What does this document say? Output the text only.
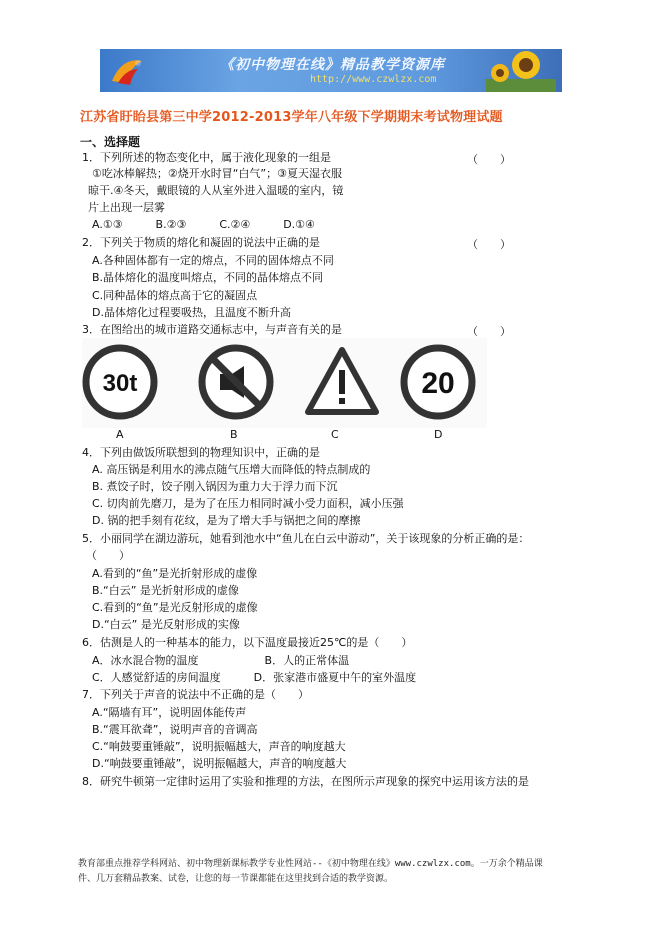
《初中物理在线》精品教学资源库
http://www.czwlzx.com
江苏省盱眙县第三中学2012-2013学年八年级下学期期末考试物理试题
一、选择题
1．下列所述的物态变化中，属于液化现象的一组是	（　　）
①吃冰棒解热；②烧开水时冒“白气”；③夏天湿衣服
晾干.④冬天，戴眼镜的人从室外进入温暖的室内，镜
片上出现一层雾
A.①③　　　B.②③　　　C.②④　　　D.①④
2．下列关于物质的熔化和凝固的说法中正确的是	（　　）
A.各种固体都有一定的熔点，不同的固体熔点不同
B.晶体熔化的温度叫熔点，不同的晶体熔点不同
C.同种晶体的熔点高于它的凝固点
D.晶体熔化过程要吸热，且温度不断升高
3．在图给出的城市道路交通标志中，与声音有关的是	（　　）
30t	20
A	B	C	D
4．下列由做饭所联想到的物理知识中，正确的是
A. 高压锅是利用水的沸点随气压增大而降低的特点制成的
B. 煮饺子时，饺子刚入锅因为重力大于浮力而下沉
C. 切肉前先磨刀，是为了在压力相同时减小受力面积，减小压强
D. 锅的把手刻有花纹，是为了增大手与锅把之间的摩擦
5．小丽同学在湖边游玩，她看到池水中“鱼儿在白云中游动”，关于该现象的分析正确的是：
（　　）
A.看到的“鱼”是光折射形成的虚像
B.“白云” 是光折射形成的虚像
C.看到的“鱼”是光反射形成的虚像
D.“白云” 是光反射形成的实像
6．估测是人的一种基本的能力，以下温度最接近25℃的是（　　）
A．冰水混合物的温度　　　　　　B．人的正常体温
C．人感觉舒适的房间温度　　　D．张家港市盛夏中午的室外温度
7．下列关于声音的说法中不正确的是（　　）
A.“隔墙有耳”，说明固体能传声
B.“震耳欲聋”，说明声音的音调高
C.“响鼓要重锤敲”，说明振幅越大，声音的响度越大
D.“响鼓要重锤敲”，说明振幅越大，声音的响度越大
8．研究牛顿第一定律时运用了实验和推理的方法，在图所示声现象的探究中运用该方法的是
教育部重点推荐学科网站、初中物理新课标教学专业性网站--《初中物理在线》www.czwlzx.com。一万余个精品课
件、几万套精品教案、试卷，让您的每一节课都能在这里找到合适的教学资源。
